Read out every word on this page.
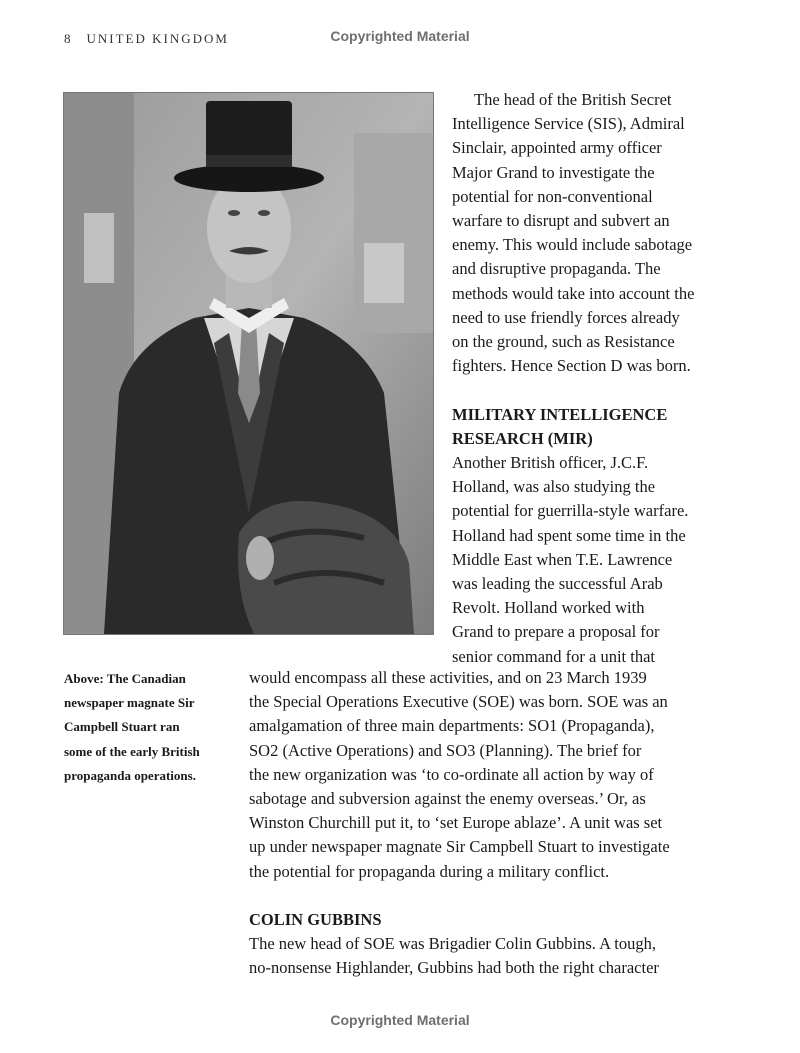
8 UNITED KINGDOM	Copyrighted Material
Above: The Canadian
newspaper magnate Sir
Campbell Stuart ran
some of the early British
propaganda operations.
The head of the British Secret
Intelligence Service (SIS), Admiral
Sinclair, appointed army officer
Major Grand to investigate the
potential for non-conventional
warfare to disrupt and subvert an
enemy. This would include sabotage
and disruptive propaganda. The
methods would take into account the
need to use friendly forces already
on the ground, such as Resistance
fighters. Hence Section D was born.
MILITARY INTELLIGENCE
RESEARCH (MIR)
Another British officer, J.C.F.
Holland, was also studying the
potential for guerrilla-style warfare.
Holland had spent some time in the
Middle East when T.E. Lawrence
was leading the successful Arab
Revolt. Holland worked with
Grand to prepare a proposal for
senior command for a unit that
would encompass all these activities, and on 23 March 1939
the Special Operations Executive (SOE) was born. SOE was an
amalgamation of three main departments: SO1 (Propaganda),
SO2 (Active Operations) and SO3 (Planning). The brief for
the new organization was ‘to co-ordinate all action by way of
sabotage and subversion against the enemy overseas.’ Or, as
Winston Churchill put it, to ‘set Europe ablaze’. A unit was set
up under newspaper magnate Sir Campbell Stuart to investigate
the potential for propaganda during a military conflict.
COLIN GUBBINS
The new head of SOE was Brigadier Colin Gubbins. A tough,
no-nonsense Highlander, Gubbins had both the right character
Copyrighted Material
